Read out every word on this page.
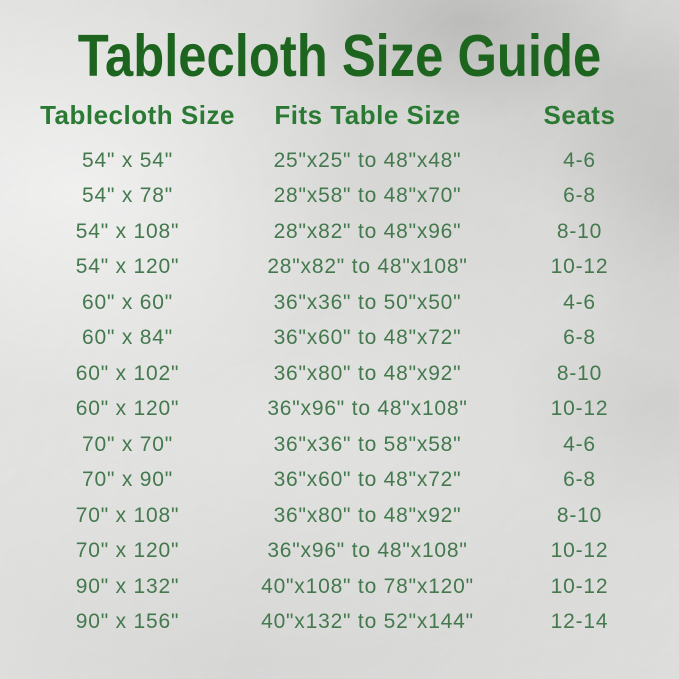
Tablecloth Size Guide
Tablecloth Size	Fits Table Size	Seats
54" x 54"	25"x25" to 48"x48"	4-6
54" x 78"	28"x58" to 48"x70"	6-8
54" x 108"	28"x82" to 48"x96"	8-10
54" x 120"	28"x82" to 48"x108"	10-12
60" x 60"	36"x36" to 50"x50"	4-6
60" x 84"	36"x60" to 48"x72"	6-8
60" x 102"	36"x80" to 48"x92"	8-10
60" x 120"	36"x96" to 48"x108"	10-12
70" x 70"	36"x36" to 58"x58"	4-6
70" x 90"	36"x60" to 48"x72"	6-8
70" x 108"	36"x80" to 48"x92"	8-10
70" x 120"	36"x96" to 48"x108"	10-12
90" x 132"	40"x108" to 78"x120"	10-12
90" x 156"	40"x132" to 52"x144"	12-14
